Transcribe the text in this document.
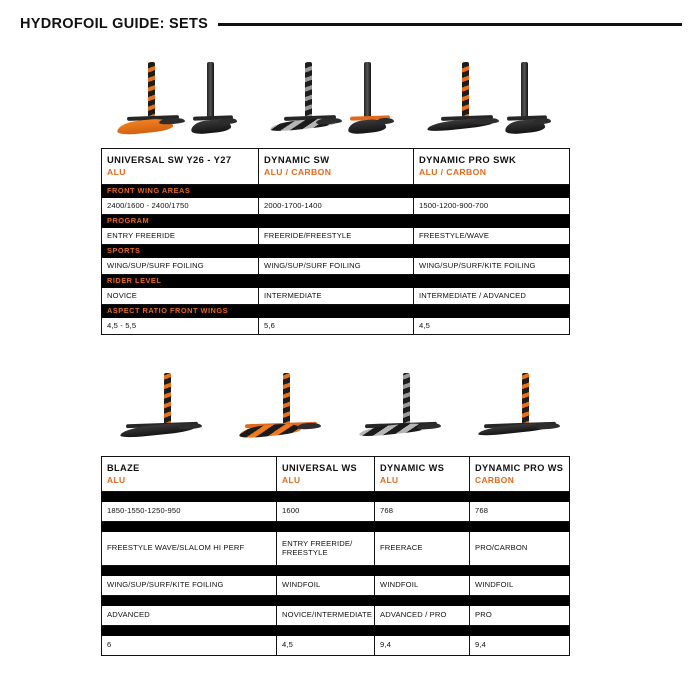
HYDROFOIL GUIDE: SETS
UNIVERSAL SW Y26 - Y27	DYNAMIC SW	DYNAMIC PRO SWK
ALU	ALU / CARBON	ALU / CARBON
FRONT WING AREAS		
2400/1600 - 2400/1750	2000-1700-1400	1500-1200-900-700
PROGRAM		
ENTRY FREERIDE	FREERIDE/FREESTYLE	FREESTYLE/WAVE
SPORTS		
WING/SUP/SURF FOILING	WING/SUP/SURF FOILING	WING/SUP/SURF/KITE FOILING
RIDER LEVEL		
NOVICE	INTERMEDIATE	INTERMEDIATE / ADVANCED
ASPECT RATIO FRONT WINGS		
4,5 - 5,5	5,6	4,5
BLAZE	UNIVERSAL WS	DYNAMIC WS	DYNAMIC PRO WS
ALU	ALU	ALU	CARBON

1850-1550-1250-950	1600	768	768

FREESTYLE WAVE/SLALOM HI PERF	ENTRY FREERIDE/ FREESTYLE	FREERACE	PRO/CARBON

WING/SUP/SURF/KITE FOILING	WINDFOIL	WINDFOIL	WINDFOIL

ADVANCED	NOVICE/INTERMEDIATE	ADVANCED / PRO	PRO

6	4,5	9,4	9,4
